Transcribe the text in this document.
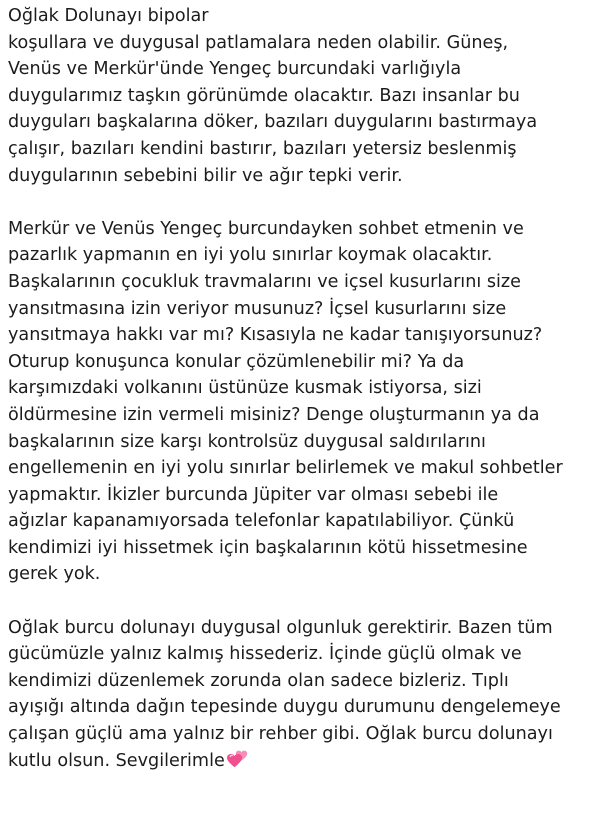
Oğlak Dolunayı bipolar
koşullara ve duygusal patlamalara neden olabilir. Güneş,
Venüs ve Merkür'ünde Yengeç burcundaki varlığıyla
duygularımız taşkın görünümde olacaktır. Bazı insanlar bu
duyguları başkalarına döker, bazıları duygularını bastırmaya
çalışır, bazıları kendini bastırır, bazıları yetersiz beslenmiş
duygularının sebebini bilir ve ağır tepki verir.
Merkür ve Venüs Yengeç burcundayken sohbet etmenin ve
pazarlık yapmanın en iyi yolu sınırlar koymak olacaktır.
Başkalarının çocukluk travmalarını ve içsel kusurlarını size
yansıtmasına izin veriyor musunuz? İçsel kusurlarını size
yansıtmaya hakkı var mı? Kısasıyla ne kadar tanışıyorsunuz?
Oturup konuşunca konular çözümlenebilir mi? Ya da
karşımızdaki volkanını üstünüze kusmak istiyorsa, sizi
öldürmesine izin vermeli misiniz? Denge oluşturmanın ya da
başkalarının size karşı kontrolsüz duygusal saldırılarını
engellemenin en iyi yolu sınırlar belirlemek ve makul sohbetler
yapmaktır. İkizler burcunda Jüpiter var olması sebebi ile
ağızlar kapanamıyorsada telefonlar kapatılabiliyor. Çünkü
kendimizi iyi hissetmek için başkalarının kötü hissetmesine
gerek yok.
Oğlak burcu dolunayı duygusal olgunluk gerektirir. Bazen tüm
gücümüzle yalnız kalmış hissederiz. İçinde güçlü olmak ve
kendimizi düzenlemek zorunda olan sadece bizleriz. Tıplı
ayışığı altında dağın tepesinde duygu durumunu dengelemeye
çalışan güçlü ama yalnız bir rehber gibi. Oğlak burcu dolunayı
kutlu olsun. Sevgilerimle
